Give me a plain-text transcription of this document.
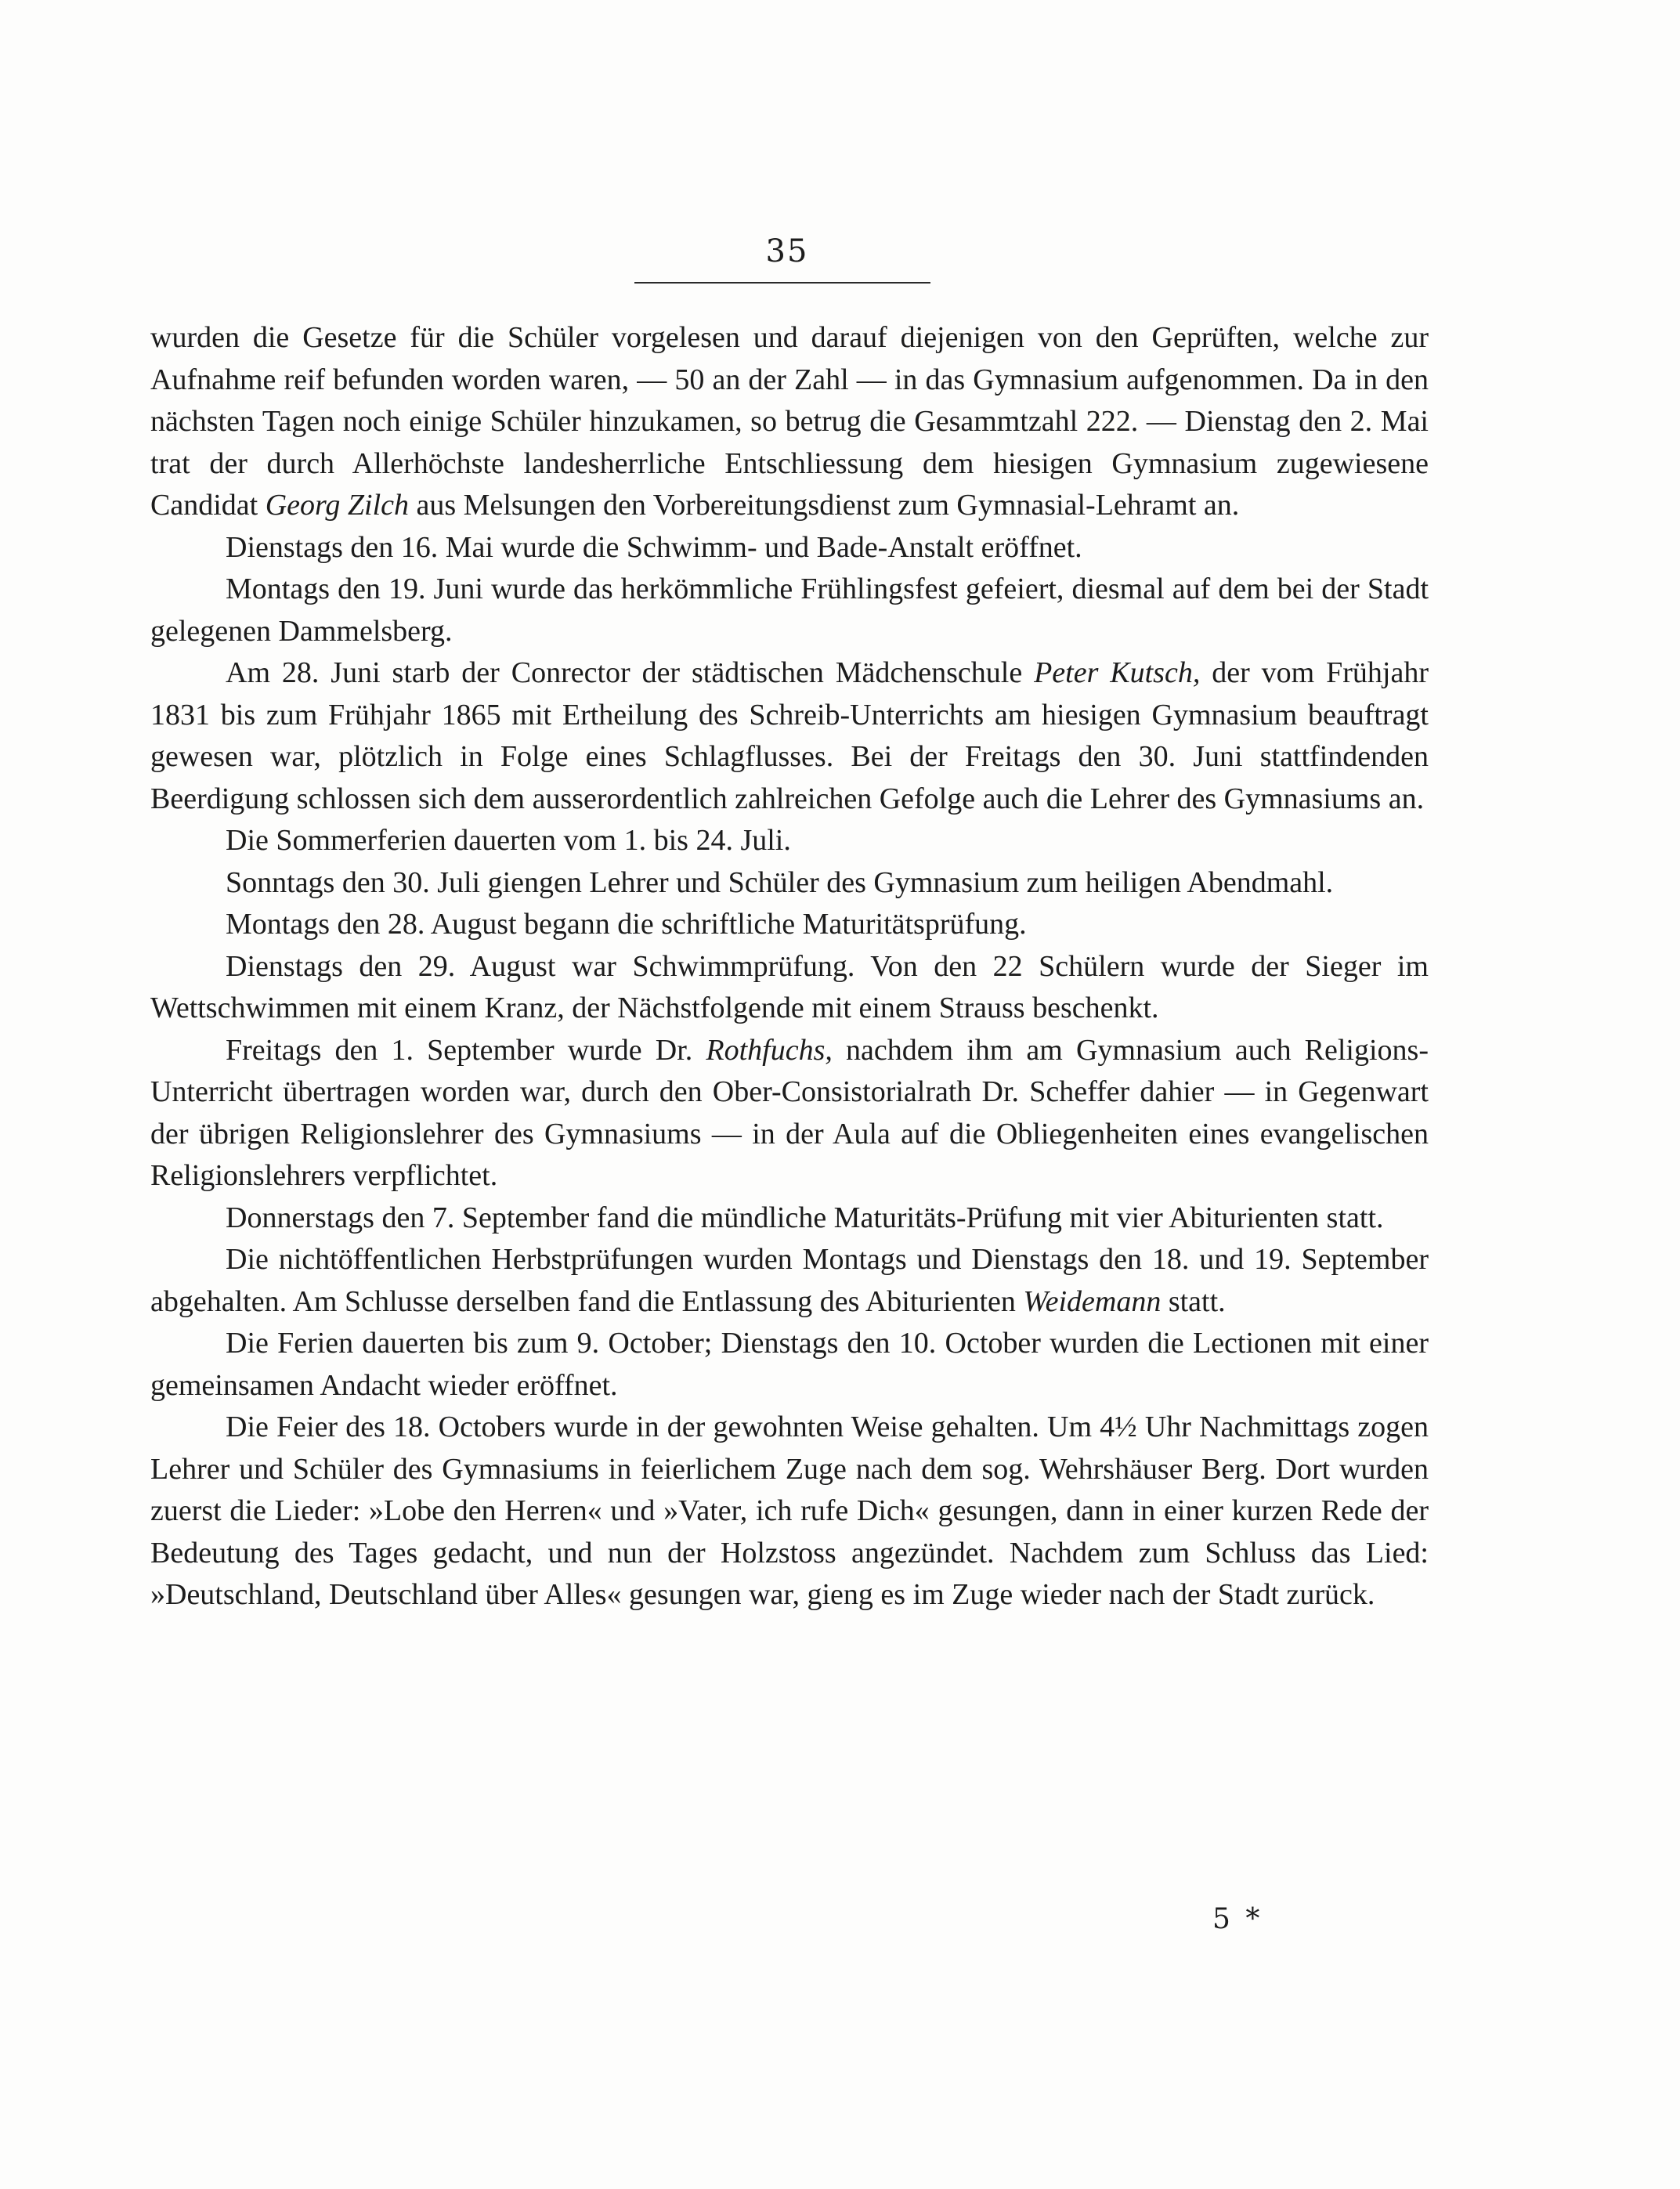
35

wurden die Gesetze für die Schüler vorgelesen und darauf diejenigen von den Geprüften, welche zur Aufnahme reif befunden worden waren, — 50 an der Zahl — in das Gymnasium aufgenommen. Da in den nächsten Tagen noch einige Schüler hinzukamen, so betrug die Gesammtzahl 222. — Dienstag den 2. Mai trat der durch Allerhöchste landesherrliche Entschliessung dem hiesigen Gymnasium zugewiesene Candidat Georg Zilch aus Melsungen den Vorbereitungsdienst zum Gymnasial-Lehramt an.

Dienstags den 16. Mai wurde die Schwimm- und Bade-Anstalt eröffnet.

Montags den 19. Juni wurde das herkömmliche Frühlingsfest gefeiert, diesmal auf dem bei der Stadt gelegenen Dammelsberg.

Am 28. Juni starb der Conrector der städtischen Mädchenschule Peter Kutsch, der vom Frühjahr 1831 bis zum Frühjahr 1865 mit Ertheilung des Schreib-Unterrichts am hiesigen Gymnasium beauftragt gewesen war, plötzlich in Folge eines Schlagflusses. Bei der Freitags den 30. Juni stattfindenden Beerdigung schlossen sich dem ausserordentlich zahlreichen Gefolge auch die Lehrer des Gymnasiums an.

Die Sommerferien dauerten vom 1. bis 24. Juli.

Sonntags den 30. Juli giengen Lehrer und Schüler des Gymnasium zum heiligen Abendmahl.

Montags den 28. August begann die schriftliche Maturitätsprüfung.

Dienstags den 29. August war Schwimmprüfung. Von den 22 Schülern wurde der Sieger im Wettschwimmen mit einem Kranz, der Nächstfolgende mit einem Strauss beschenkt.

Freitags den 1. September wurde Dr. Rothfuchs, nachdem ihm am Gymnasium auch Religions-Unterricht übertragen worden war, durch den Ober-Consistorialrath Dr. Scheffer dahier — in Gegenwart der übrigen Religionslehrer des Gymnasiums — in der Aula auf die Obliegenheiten eines evangelischen Religionslehrers verpflichtet.

Donnerstags den 7. September fand die mündliche Maturitäts-Prüfung mit vier Abiturienten statt.

Die nichtöffentlichen Herbstprüfungen wurden Montags und Dienstags den 18. und 19. September abgehalten. Am Schlusse derselben fand die Entlassung des Abiturienten Weidemann statt.

Die Ferien dauerten bis zum 9. October; Dienstags den 10. October wurden die Lectionen mit einer gemeinsamen Andacht wieder eröffnet.

Die Feier des 18. Octobers wurde in der gewohnten Weise gehalten. Um 4½ Uhr Nachmittags zogen Lehrer und Schüler des Gymnasiums in feierlichem Zuge nach dem sog. Wehrshäuser Berg. Dort wurden zuerst die Lieder: »Lobe den Herren« und »Vater, ich rufe Dich« gesungen, dann in einer kurzen Rede der Bedeutung des Tages gedacht, und nun der Holzstoss angezündet. Nachdem zum Schluss das Lied: »Deutschland, Deutschland über Alles« gesungen war, gieng es im Zuge wieder nach der Stadt zurück.

5 *
